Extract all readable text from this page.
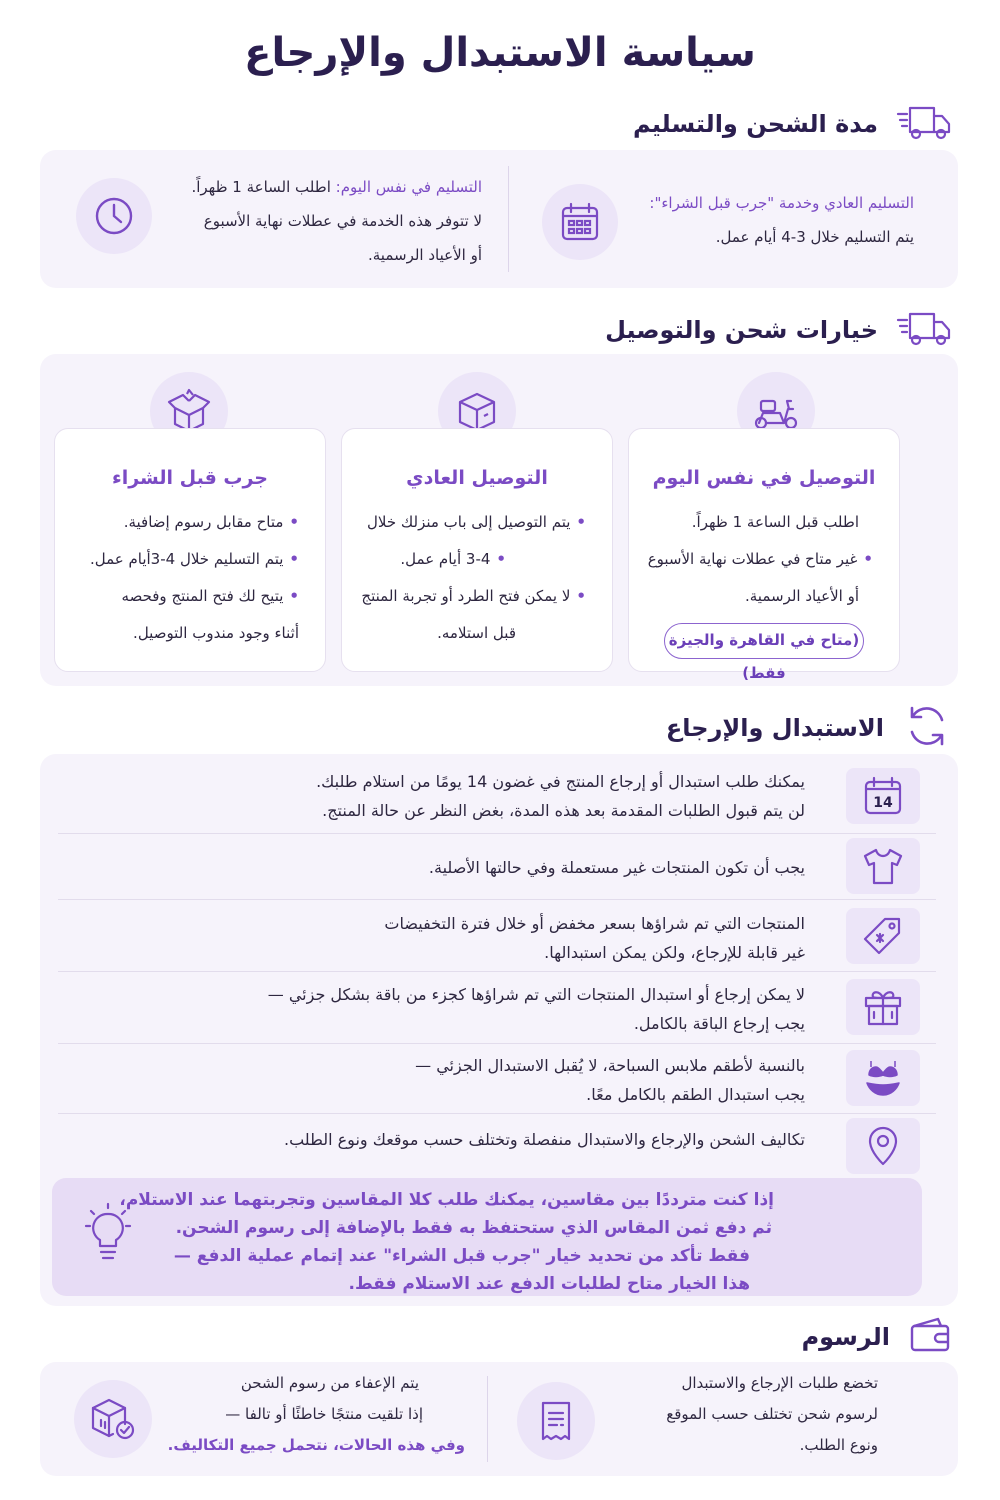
سياسة الاستبدال والإرجاع
مدة الشحن والتسليم
التسليم العادي وخدمة "جرب قبل الشراء":
يتم التسليم خلال 3-4 أيام عمل.
التسليم في نفس اليوم: اطلب الساعة 1 ظهراً.
لا تتوفر هذه الخدمة في عطلات نهاية الأسبوع
أو الأعياد الرسمية.
خيارات شحن والتوصيل
التوصيل في نفس اليوم
اطلب قبل الساعة 1 ظهراً.
•غير متاح في عطلات نهاية الأسبوع
أو الأعياد الرسمية.
(متاح في القاهرة والجيزة فقط)
التوصيل العادي
•يتم التوصيل إلى باب منزلك خلال
•3-4 أيام عمل.
•لا يمكن فتح الطرد أو تجربة المنتج
قبل استلامه.
جرب قبل الشراء
•متاح مقابل رسوم إضافية.
•يتم التسليم خلال 4-3أيام عمل.
•يتيح لك فتح المنتج وفحصه
أثناء وجود مندوب التوصيل.
الاستبدال والإرجاع
14
يمكنك طلب استبدال أو إرجاع المنتج في غضون 14 يومًا من استلام طلبك.
لن يتم قبول الطلبات المقدمة بعد هذه المدة، بغض النظر عن حالة المنتج.
يجب أن تكون المنتجات غير مستعملة وفي حالتها الأصلية.
المنتجات التي تم شراؤها بسعر مخفض أو خلال فترة التخفيضات
غير قابلة للإرجاع، ولكن يمكن استبدالها.
لا يمكن إرجاع أو استبدال المنتجات التي تم شراؤها كجزء من باقة بشكل جزئي —
يجب إرجاع الباقة بالكامل.
بالنسبة لأطقم ملابس السباحة، لا يُقبل الاستبدال الجزئي —
يجب استبدال الطقم بالكامل معًا.
تكاليف الشحن والإرجاع والاستبدال منفصلة وتختلف حسب موقعك ونوع الطلب.
إذا كنت مترددًا بين مقاسين، يمكنك طلب كلا المقاسين وتجربتهما عند الاستلام،
ثم دفع ثمن المقاس الذي ستحتفظ به فقط بالإضافة إلى رسوم الشحن.
فقط تأكد من تحديد خيار "جرب قبل الشراء" عند إتمام عملية الدفع —
هذا الخيار متاح لطلبات الدفع عند الاستلام فقط.
الرسوم
تخضع طلبات الإرجاع والاستبدال
لرسوم شحن تختلف حسب الموقع
ونوع الطلب.
يتم الإعفاء من رسوم الشحن
إذا تلقيت منتجًا خاطئًا أو تالفا —
وفي هذه الحالات، نتحمل جميع التكاليف.
